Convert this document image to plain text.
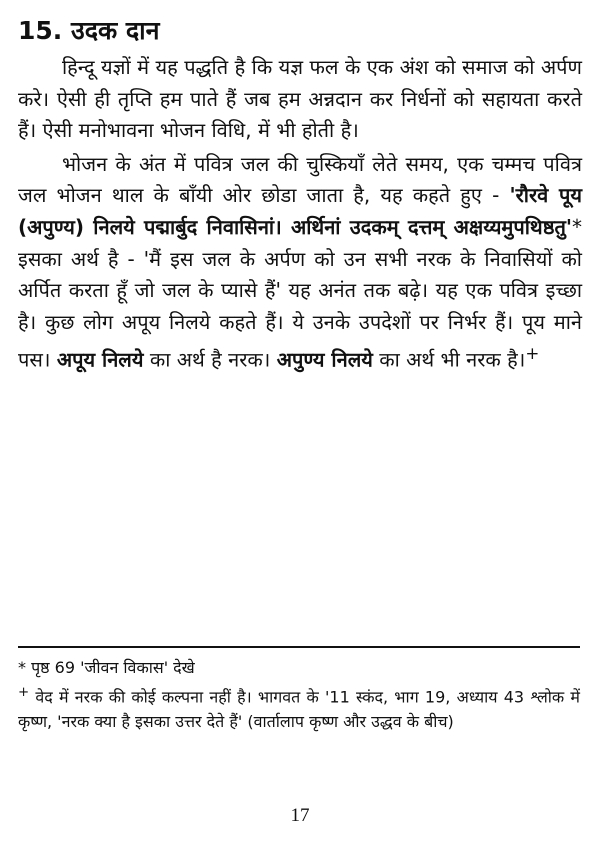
15. उदक दान

हिन्दू यज्ञों में यह पद्धति है कि यज्ञ फल के एक अंश को समाज को अर्पण करे। ऐसी ही तृप्ति हम पाते हैं जब हम अन्नदान कर निर्धनों को सहायता करते हैं। ऐसी मनोभावना भोजन विधि, में भी होती है।

भोजन के अंत में पवित्र जल की चुस्कियाँ लेते समय, एक चम्मच पवित्र जल भोजन थाल के बाँयी ओर छोडा जाता है, यह कहते हुए - 'रौरवे पूय (अपुण्य) निलये पद्मार्बुद निवासिनां। अर्थिनां उदकम् दत्तम् अक्षय्यमुपथिष्ठतु'* इसका अर्थ है - 'मैं इस जल के अर्पण को उन सभी नरक के निवासियों को अर्पित करता हूँ जो जल के प्यासे हैं' यह अनंत तक बढ़े। यह एक पवित्र इच्छा है। कुछ लोग अपूय निलये कहते हैं। ये उनके उपदेशों पर निर्भर हैं। पूय माने पस। अपूय निलये का अर्थ है नरक। अपुण्य निलये का अर्थ भी नरक है।+

* पृष्ठ 69 'जीवन विकास' देखे

+ वेद में नरक की कोई कल्पना नहीं है। भागवत के '11 स्कंद, भाग 19, अध्याय 43 श्लोक में कृष्ण, 'नरक क्या है इसका उत्तर देते हैं' (वार्तालाप कृष्ण और उद्धव के बीच)

17
